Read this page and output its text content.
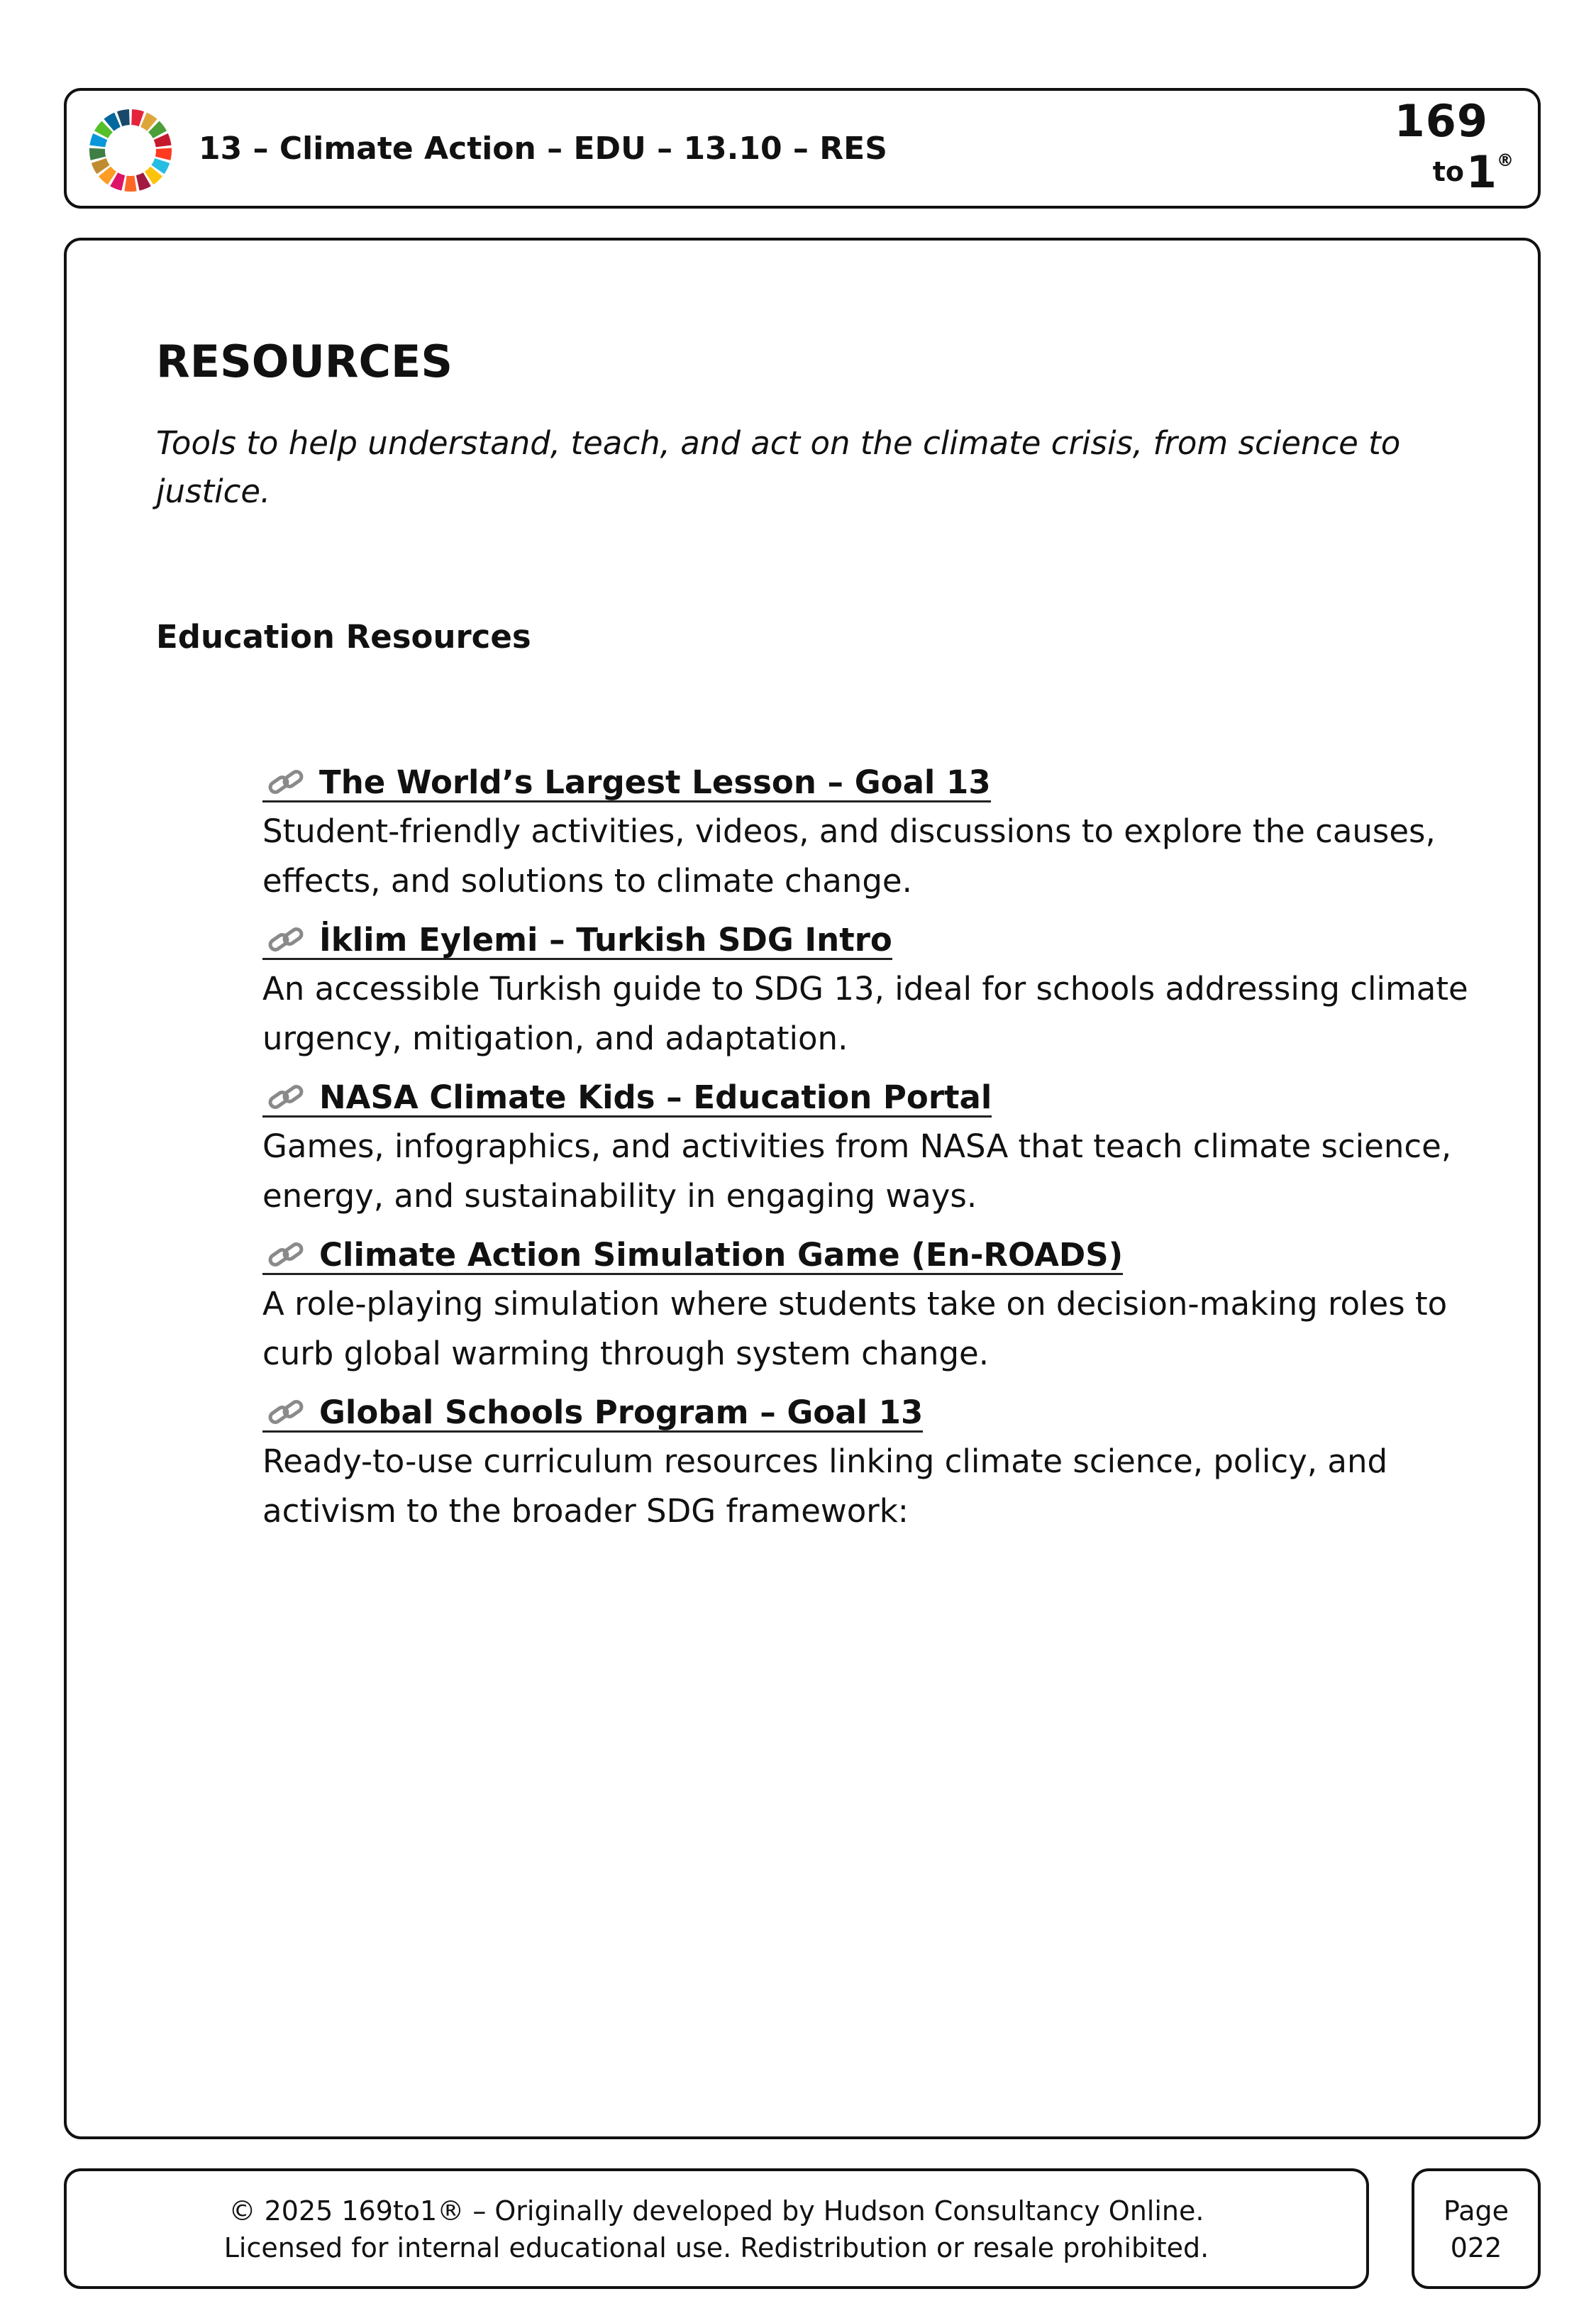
13 – Climate Action – EDU – 13.10 – RES
169
to 1 ®
RESOURCES

Tools to help understand, teach, and act on the climate crisis, from science to justice.

Education Resources
The World’s Largest Lesson – Goal 13

Student-friendly activities, videos, and discussions to explore the causes, effects, and solutions to climate change.

İklim Eylemi – Turkish SDG Intro

An accessible Turkish guide to SDG 13, ideal for schools addressing climate urgency, mitigation, and adaptation.

NASA Climate Kids – Education Portal

Games, infographics, and activities from NASA that teach climate science, energy, and sustainability in engaging ways.

Climate Action Simulation Game (En-ROADS)

A role-playing simulation where students take on decision-making roles to curb global warming through system change.

Global Schools Program – Goal 13

Ready-to-use curriculum resources linking climate science, policy, and activism to the broader SDG framework:

© 2025 169to1® – Originally developed by Hudson Consultancy Online.
Licensed for internal educational use. Redistribution or resale prohibited.
Page
022
